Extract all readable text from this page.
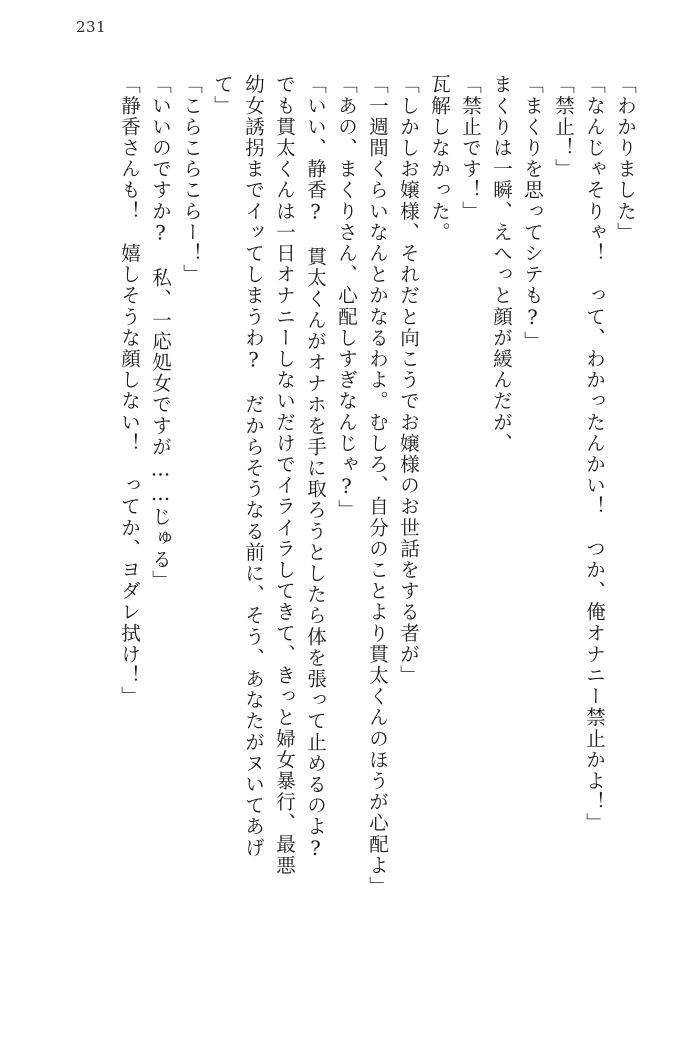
231
「わかりました」
「なんじゃそりゃ！　って、わかったんかい！　つか、俺オナニー禁止かよ！」
「禁止！」
「まくりを思ってシテも?」
まくりは一瞬、えへっと顔が緩んだが、
「禁止です！」
瓦解しなかった。
「しかしお嬢様、それだと向こうでお嬢様のお世話をする者が」
「一週間くらいなんとかなるわよ。むしろ、自分のことより貫太くんのほうが心配よ」
「あの、まくりさん、心配しすぎなんじゃ?」
「いい、静香?　貫太くんがオナホを手に取ろうとしたら体を張って止めるのよ?
でも貫太くんは一日オナニーしないだけでイライラしてきて、きっと婦女暴行、最悪
幼女誘拐までイッてしまうわ?　だからそうなる前に、そう、あなたがヌいてあげ
て」
「こらこらこらー！」
「いいのですか?　私、一応処女ですが……じゅる」
「静香さんも！　嬉しそうな顔しない！　ってか、ヨダレ拭け！」
